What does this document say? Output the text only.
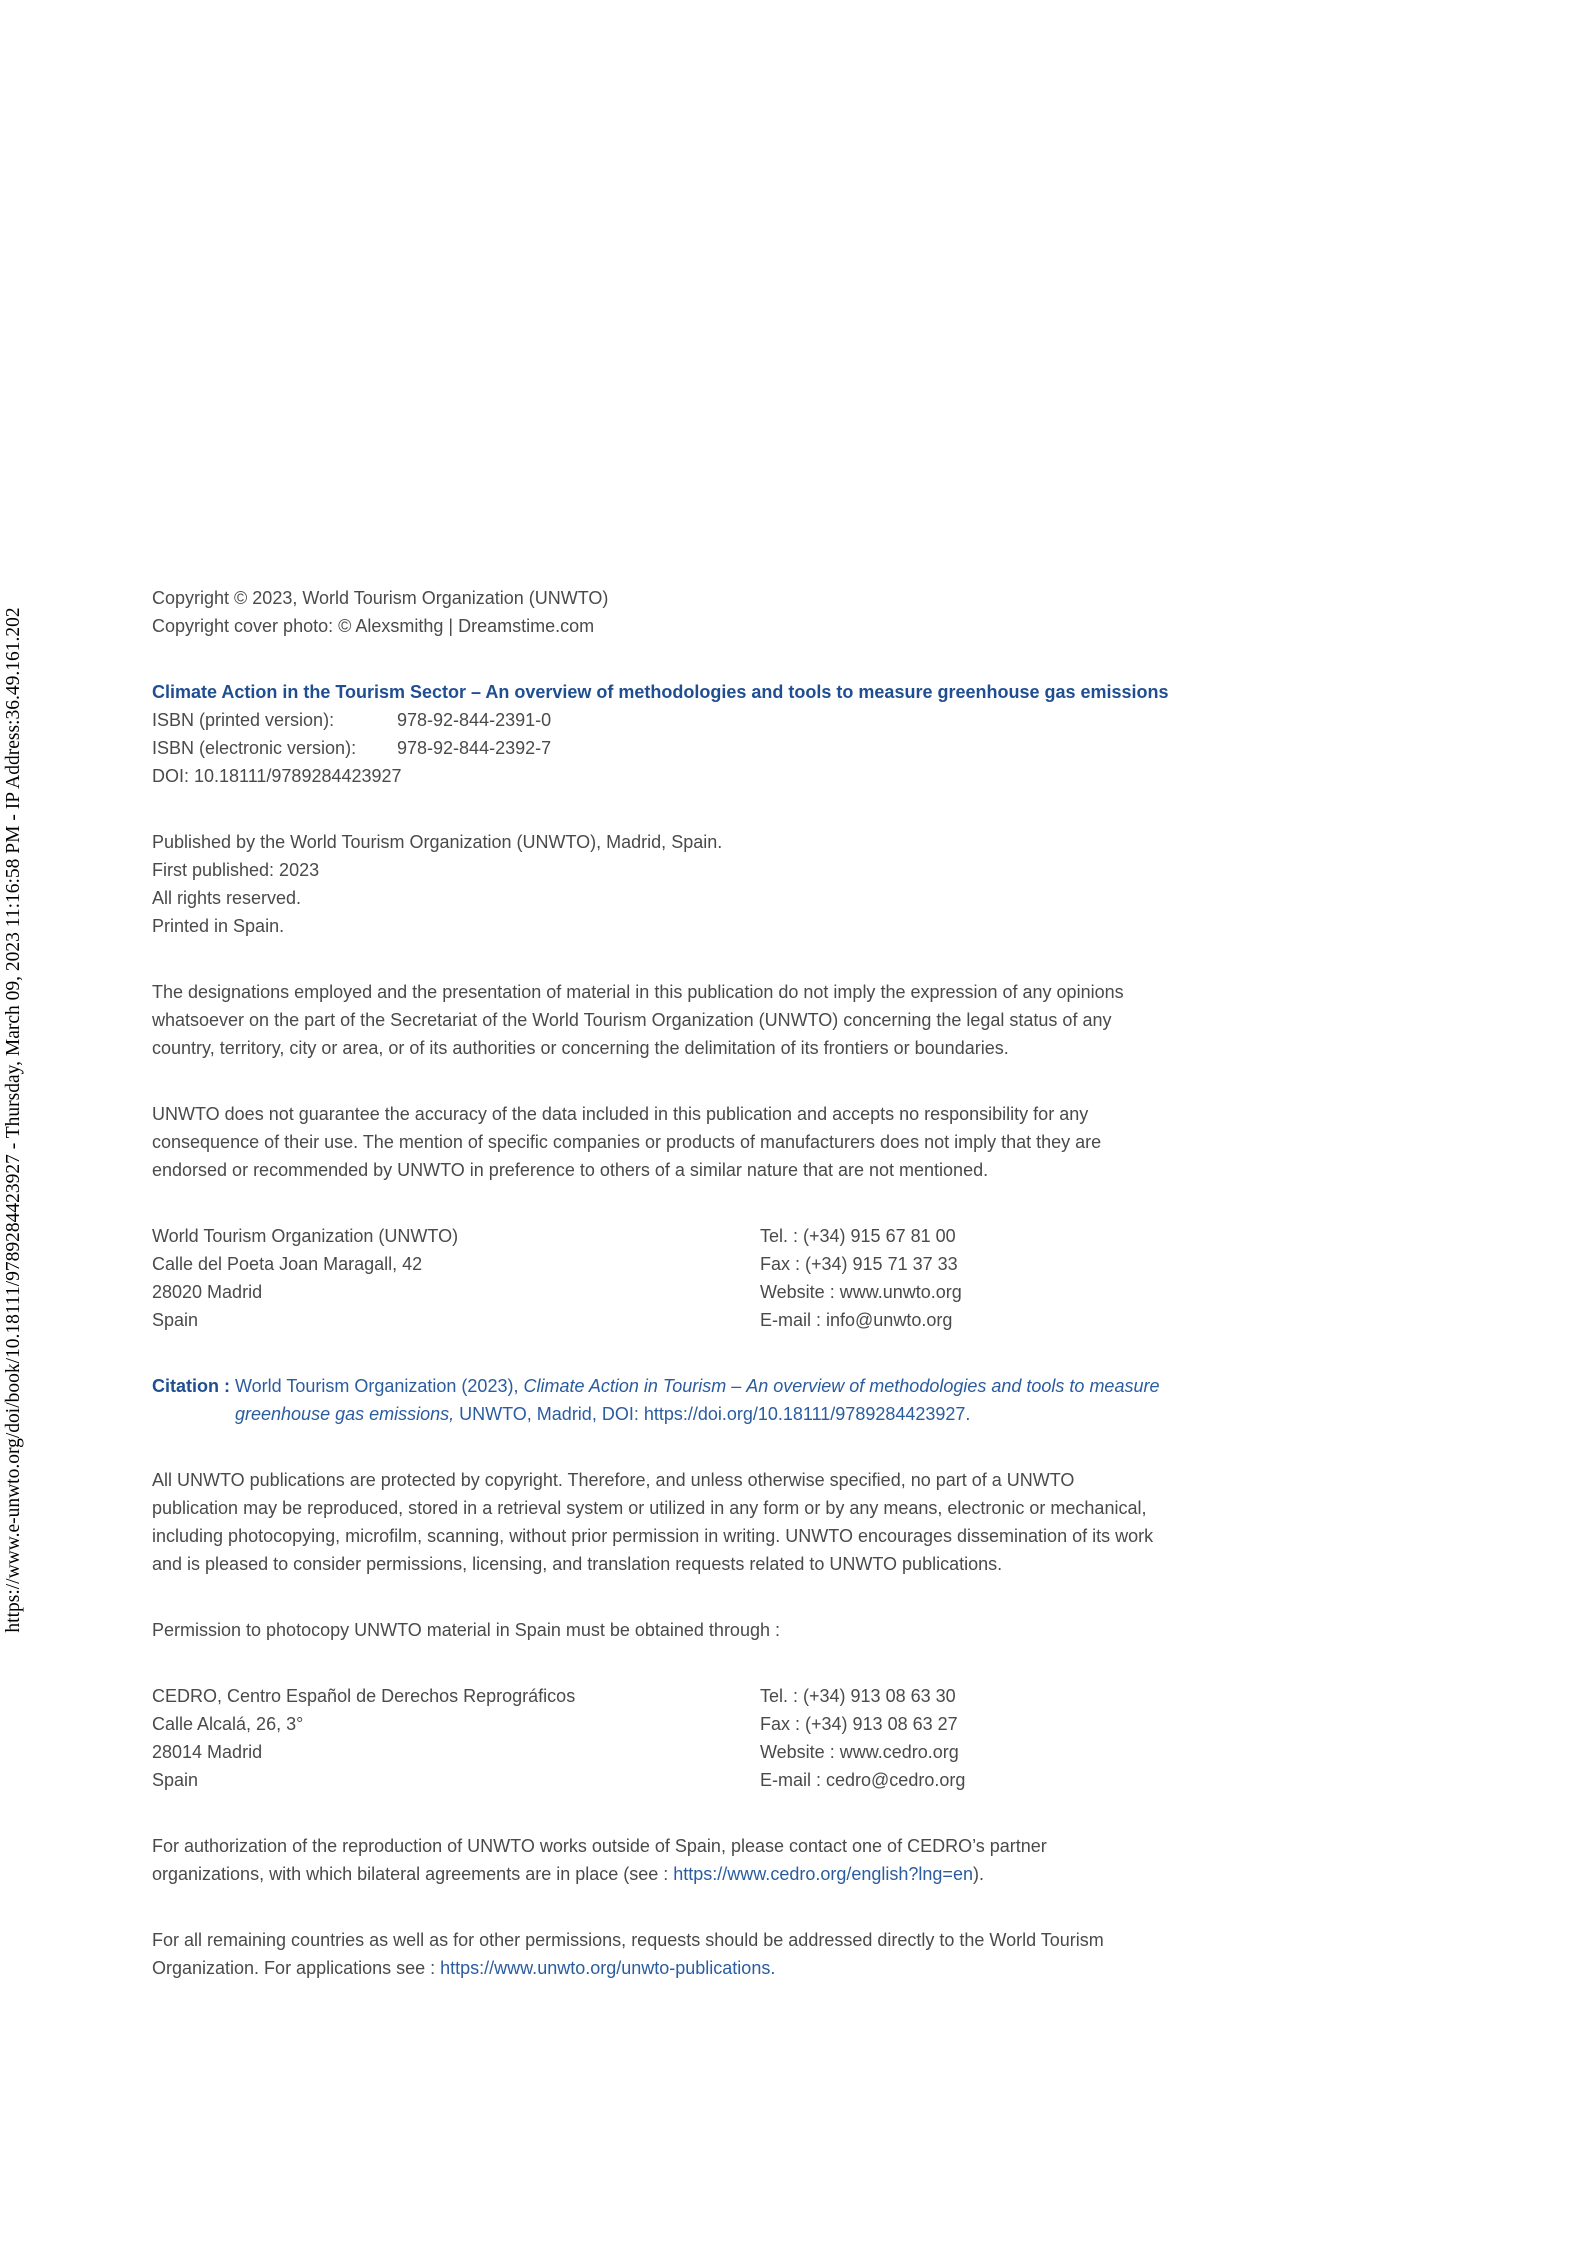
https://www.e-unwto.org/doi/book/10.18111/9789284423927 - Thursday, March 09, 2023 11:16:58 PM - IP Address:36.49.161.202
Copyright © 2023, World Tourism Organization (UNWTO)
Copyright cover photo: © Alexsmithg | Dreamstime.com
Climate Action in the Tourism Sector – An overview of methodologies and tools to measure greenhouse gas emissions
ISBN (printed version):	978-92-844-2391-0
ISBN (electronic version):	978-92-844-2392-7
DOI: 10.18111/9789284423927
Published by the World Tourism Organization (UNWTO), Madrid, Spain.
First published: 2023
All rights reserved.
Printed in Spain.
The designations employed and the presentation of material in this publication do not imply the expression of any opinions whatsoever on the part of the Secretariat of the World Tourism Organization (UNWTO) concerning the legal status of any country, territory, city or area, or of its authorities or concerning the delimitation of its frontiers or boundaries.
UNWTO does not guarantee the accuracy of the data included in this publication and accepts no responsibility for any consequence of their use. The mention of specific companies or products of manufacturers does not imply that they are endorsed or recommended by UNWTO in preference to others of a similar nature that are not mentioned.
World Tourism Organization (UNWTO)
Calle del Poeta Joan Maragall, 42
28020 Madrid
Spain
Tel. : (+34) 915 67 81 00
Fax : (+34) 915 71 37 33
Website : www.unwto.org
E-mail : info@unwto.org
Citation : World Tourism Organization (2023), Climate Action in Tourism – An overview of methodologies and tools to measure greenhouse gas emissions, UNWTO, Madrid, DOI: https://doi.org/10.18111/9789284423927.
All UNWTO publications are protected by copyright. Therefore, and unless otherwise specified, no part of a UNWTO publication may be reproduced, stored in a retrieval system or utilized in any form or by any means, electronic or mechanical, including photocopying, microfilm, scanning, without prior permission in writing. UNWTO encourages dissemination of its work and is pleased to consider permissions, licensing, and translation requests related to UNWTO publications.
Permission to photocopy UNWTO material in Spain must be obtained through :
CEDRO, Centro Español de Derechos Reprográficos
Calle Alcalá, 26, 3°
28014 Madrid
Spain
Tel. : (+34) 913 08 63 30
Fax : (+34) 913 08 63 27
Website : www.cedro.org
E-mail : cedro@cedro.org
For authorization of the reproduction of UNWTO works outside of Spain, please contact one of CEDRO’s partner organizations, with which bilateral agreements are in place (see : https://www.cedro.org/english?lng=en).
For all remaining countries as well as for other permissions, requests should be addressed directly to the World Tourism Organization. For applications see : https://www.unwto.org/unwto-publications.
